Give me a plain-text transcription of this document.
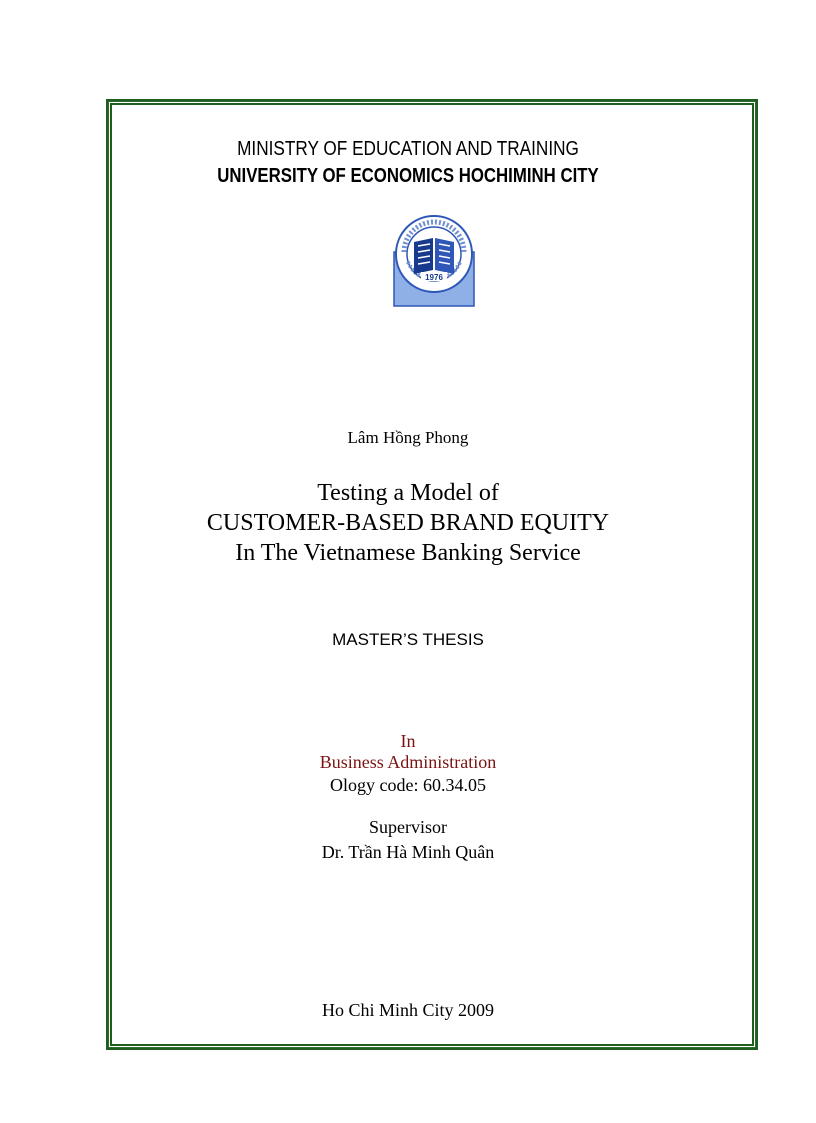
MINISTRY OF EDUCATION AND TRAINING
UNIVERSITY OF ECONOMICS HOCHIMINH CITY
1976
Lâm Hồng Phong
Testing a Model of
CUSTOMER-BASED BRAND EQUITY
In The Vietnamese Banking Service
MASTER’S THESIS
In
Business Administration
Ology code: 60.34.05
Supervisor
Dr. Trần Hà Minh Quân
Ho Chi Minh City 2009
